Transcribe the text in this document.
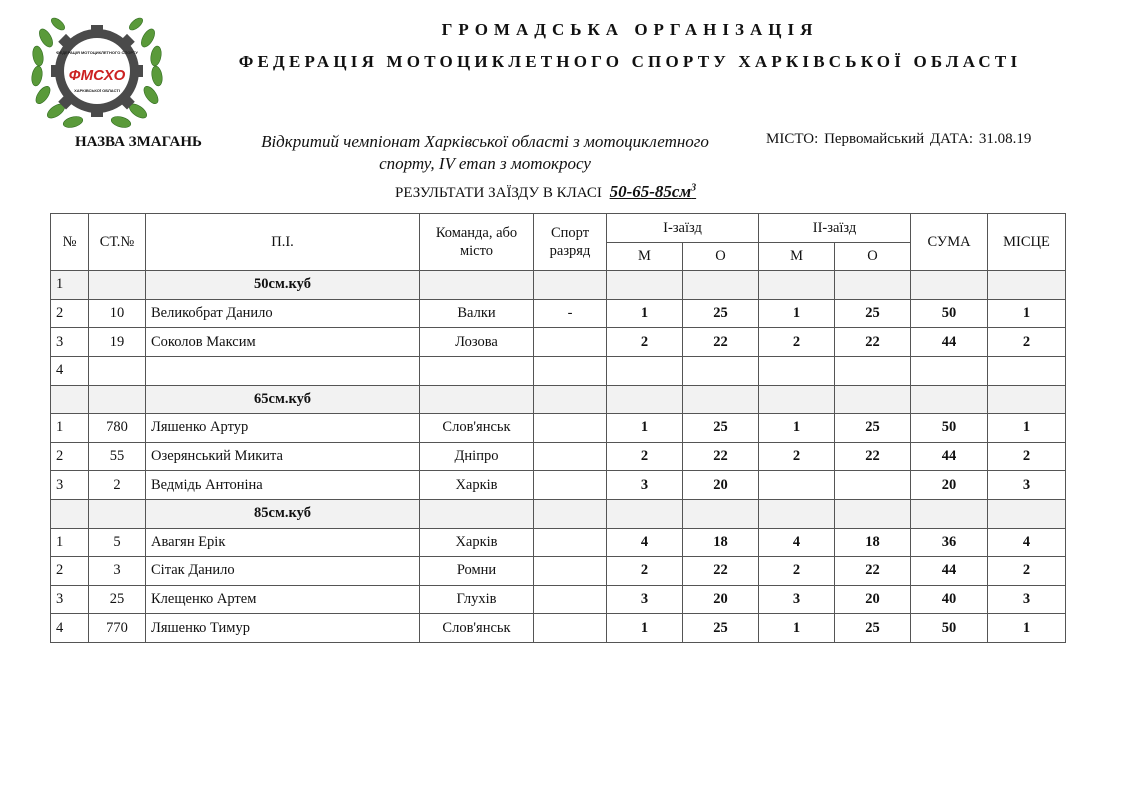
ФЕДЕРАЦІЯ МОТОЦИКЛЕТНОГО СПОРТУ
ФМСХО
ХАРКІВСЬКОЇ ОБЛАСТІ
ГРОМАДСЬКА ОРГАНІЗАЦІЯ
ФЕДЕРАЦІЯ МОТОЦИКЛЕТНОГО СПОРТУ ХАРКІВСЬКОЇ ОБЛАСТІ
НАЗВА ЗМАГАНЬ	Відкритий чемпіонат Харківської області з мотоциклетного
спорту, IV етап з мотокросу
МІСТО: Первомайський ДАТА: 31.08.19
РЕЗУЛЬТАТИ ЗАЇЗДУ В КЛАСІ $50-65-85см^3$
№	СТ.№	П.І.	Команда, або місто	Спорт разряд	І-заїзд		ІІ-заїзд		СУМА	МІСЦЕ
					М	О	М	О		
1		50см.куб								
2	10	Великобрат Данило	Валки	-	1	25	1	25	50	1
3	19	Соколов Максим	Лозова		2	22	2	22	44	2
4										
		65см.куб								
1	780	Ляшенко Артур	Слов'янськ		1	25	1	25	50	1
2	55	Озерянський Микита	Дніпро		2	22	2	22	44	2
3	2	Ведмідь Антоніна	Харків		3	20			20	3
		85см.куб								
1	5	Авагян Ерік	Харків		4	18	4	18	36	4
2	3	Сітак Данило	Ромни		2	22	2	22	44	2
3	25	Клещенко Артем	Глухів		3	20	3	20	40	3
4	770	Ляшенко Тимур	Слов'янськ		1	25	1	25	50	1
